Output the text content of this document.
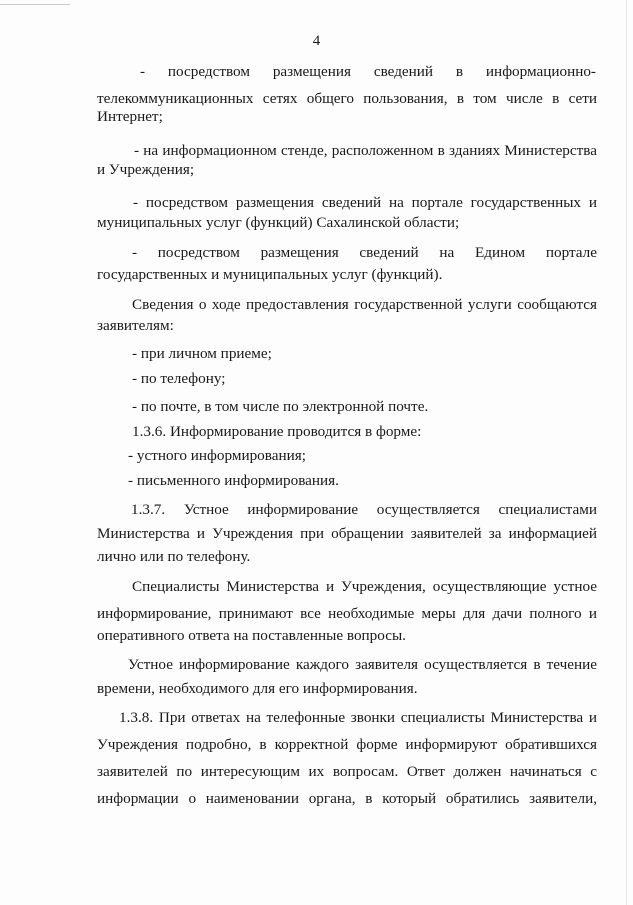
4
- посредством размещения сведений в информационно-
телекоммуникационных сетях общего пользования, в том числе в сети
Интернет;
- на информационном стенде, расположенном в зданиях Министерства
и Учреждения;
- посредством размещения сведений на портале государственных и
муниципальных услуг (функций) Сахалинской области;
- посредством размещения сведений на Едином портале
государственных и муниципальных услуг (функций).
Сведения о ходе предоставления государственной услуги сообщаются
заявителям:
- при личном приеме;
- по телефону;
- по почте, в том числе по электронной почте.
1.3.6. Информирование проводится в форме:
- устного информирования;
- письменного информирования.
1.3.7. Устное информирование осуществляется специалистами
Министерства и Учреждения при обращении заявителей за информацией
лично или по телефону.
Специалисты Министерства и Учреждения, осуществляющие устное
информирование, принимают все необходимые меры для дачи полного и
оперативного ответа на поставленные вопросы.
Устное информирование каждого заявителя осуществляется в течение
времени, необходимого для его информирования.
1.3.8. При ответах на телефонные звонки специалисты Министерства и
Учреждения подробно, в корректной форме информируют обратившихся
заявителей по интересующим их вопросам. Ответ должен начинаться с
информации о наименовании органа, в который обратились заявители,
